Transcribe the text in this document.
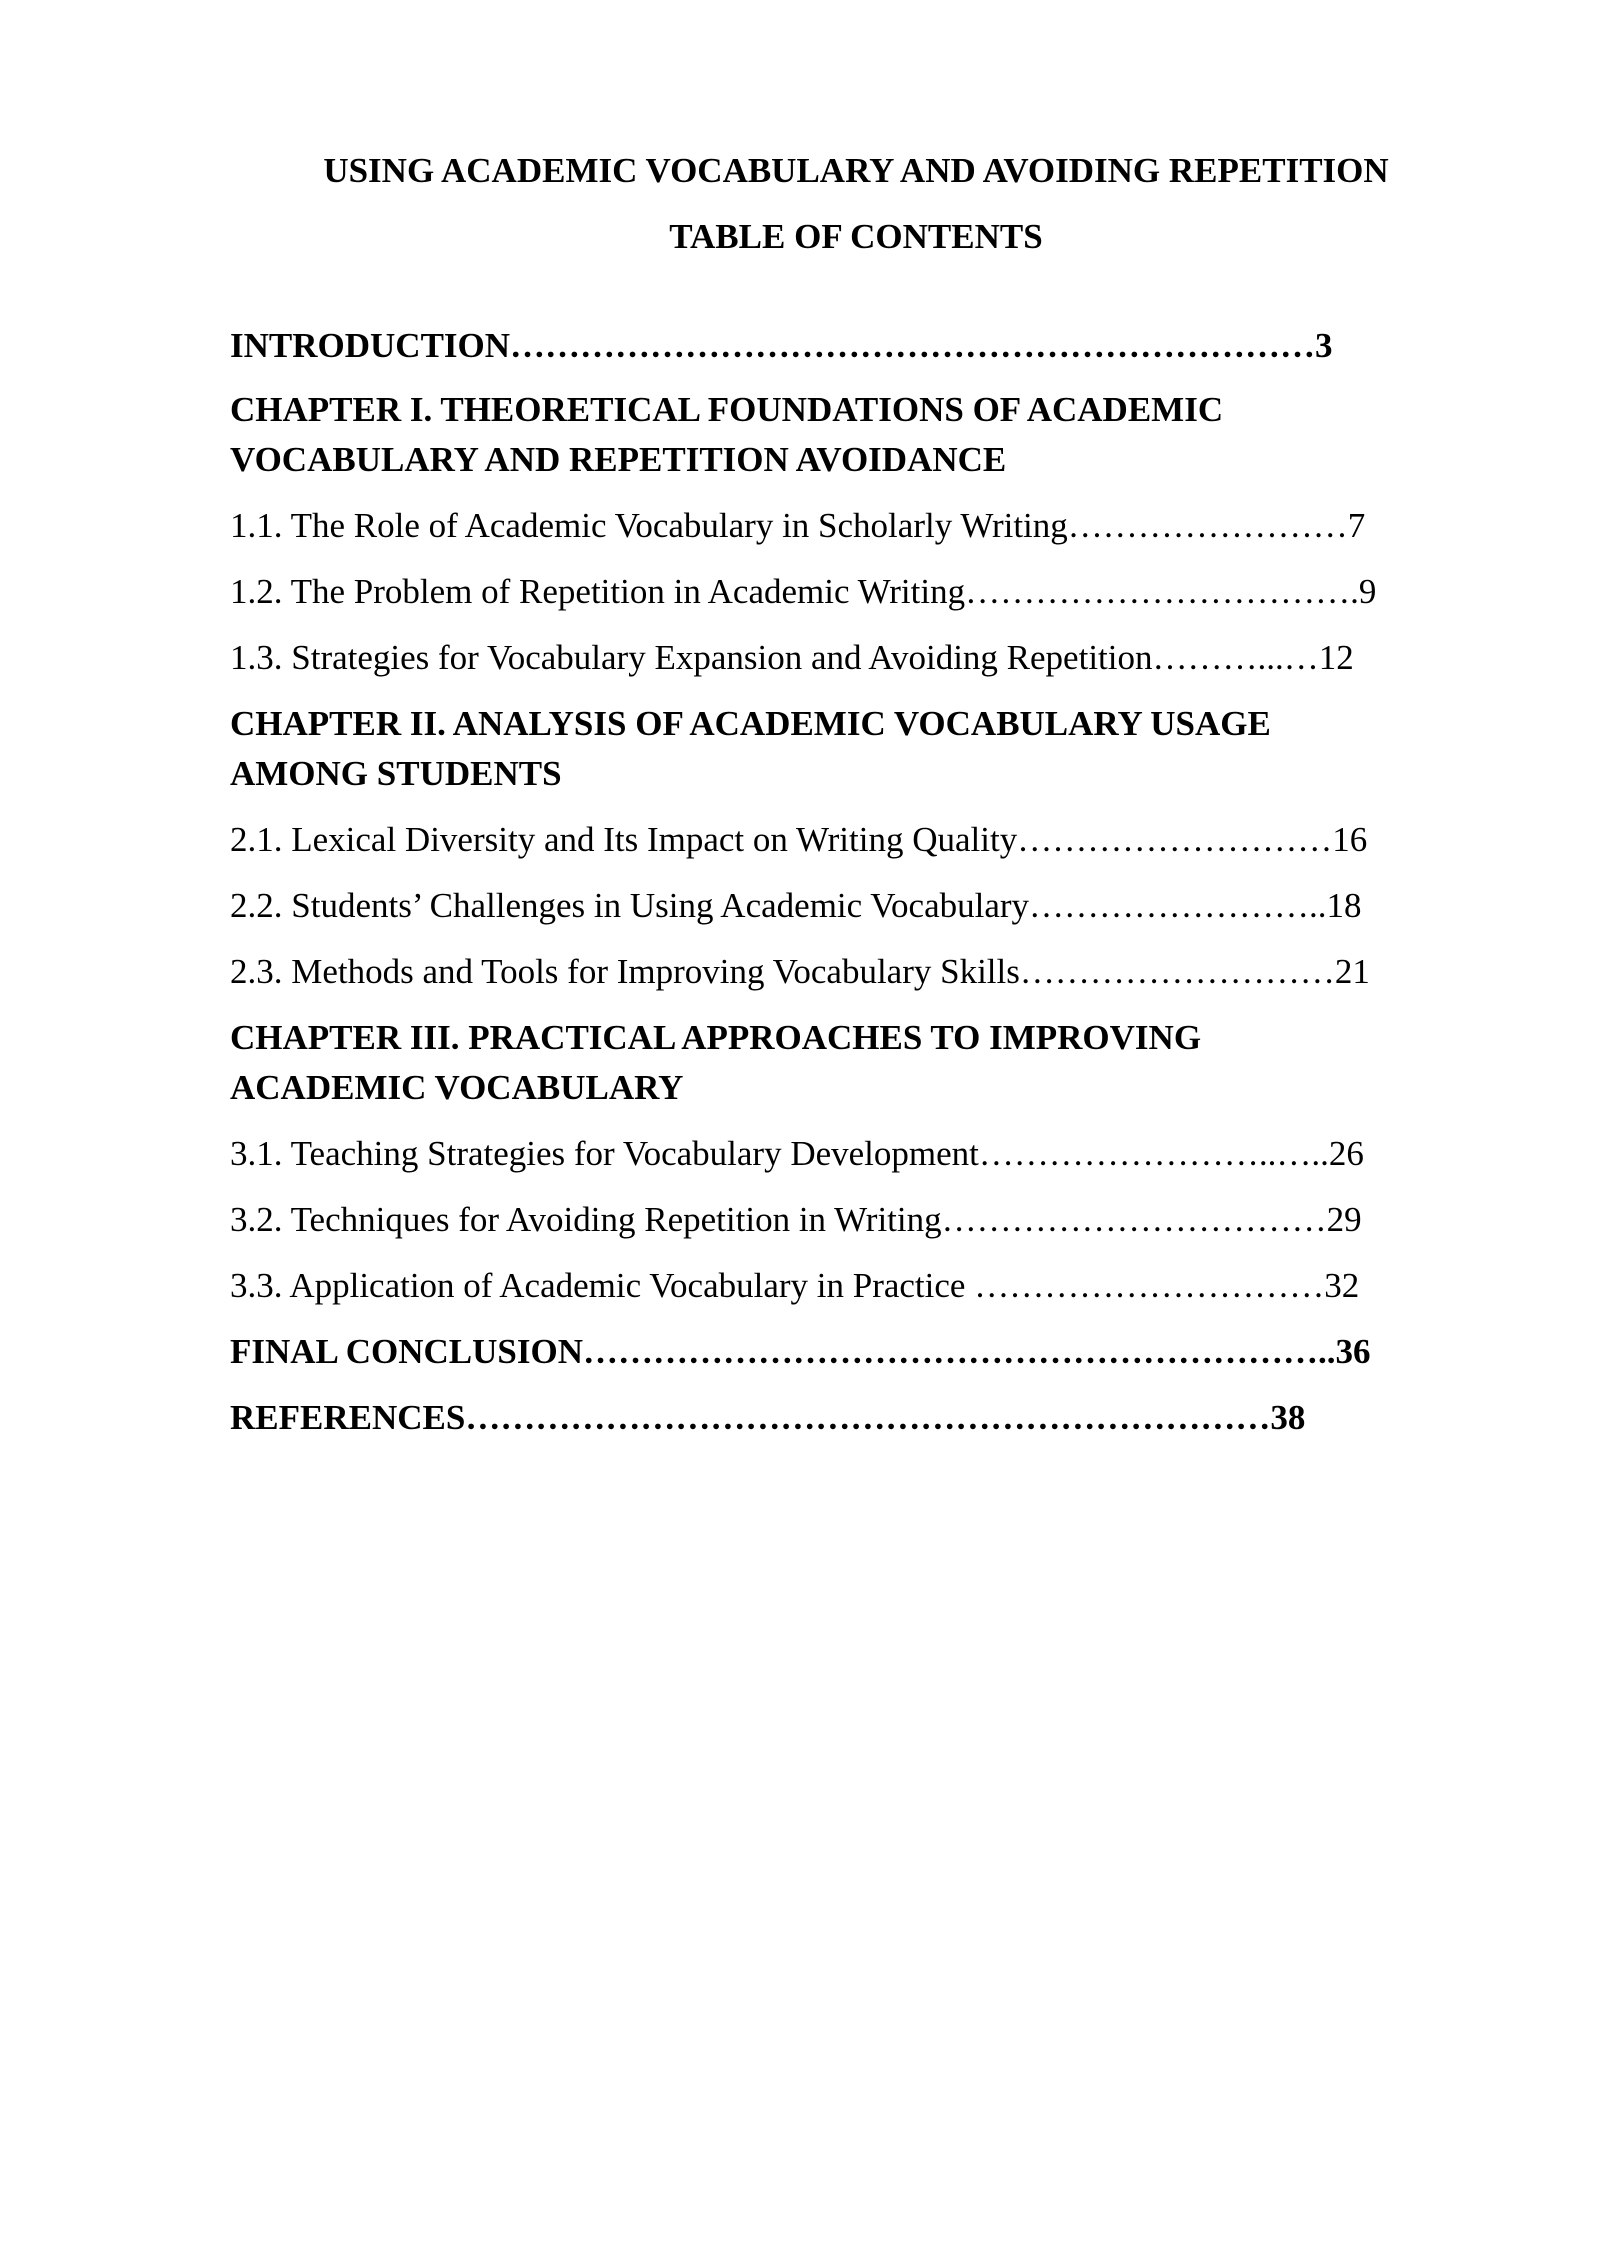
USING ACADEMIC VOCABULARY AND AVOIDING REPETITION
TABLE OF CONTENTS

INTRODUCTION……………………………………………………………3

CHAPTER I. THEORETICAL FOUNDATIONS OF ACADEMIC

VOCABULARY AND REPETITION AVOIDANCE

1.1. The Role of Academic Vocabulary in Scholarly Writing……………………7

1.2. The Problem of Repetition in Academic Writing…………………………….9

1.3. Strategies for Vocabulary Expansion and Avoiding Repetition………...…12

CHAPTER II. ANALYSIS OF ACADEMIC VOCABULARY USAGE

AMONG STUDENTS

2.1. Lexical Diversity and Its Impact on Writing Quality………………………16

2.2. Students’ Challenges in Using Academic Vocabulary……………………..18

2.3. Methods and Tools for Improving Vocabulary Skills………………………21

CHAPTER III. PRACTICAL APPROACHES TO IMPROVING

ACADEMIC VOCABULARY

3.1. Teaching Strategies for Vocabulary Development……………………..…..26

3.2. Techniques for Avoiding Repetition in Writing……………………………29

3.3. Application of Academic Vocabulary in Practice …………………………32

FINAL CONCLUSION………………………………………………………..36

REFERENCES……………………………………………………………38
